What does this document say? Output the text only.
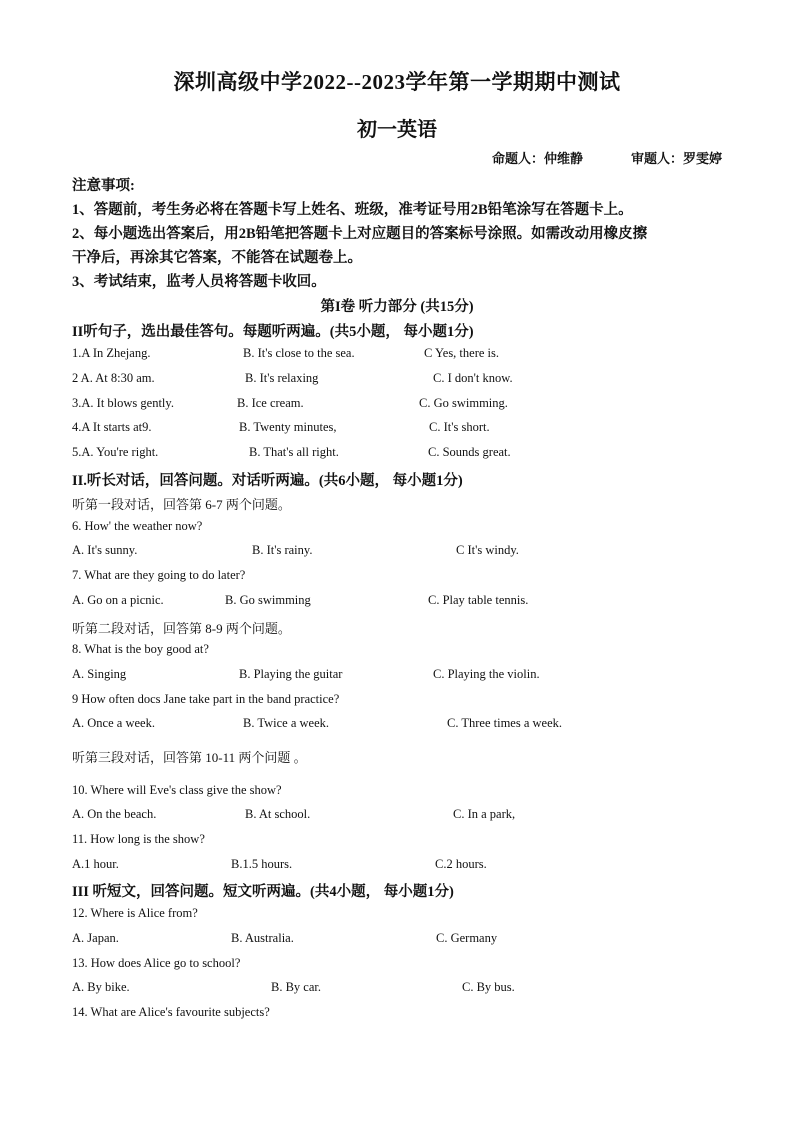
深圳高级中学2022--2023学年第一学期期中测试
初一英语
命题人：仲维静	审题人：罗雯婷
注意事项:
1、答题前，考生务必将在答题卡写上姓名、班级，准考证号用2B铅笔涂写在答题卡上。
2、每小题选出答案后，用2B铅笔把答题卡上对应题目的答案标号涂照。如需改动用橡皮擦
干净后，再涂其它答案，不能答在试题卷上。
3、考试结束，监考人员将答题卡收回。
第I卷 听力部分 (共15分)
II听句子，选出最佳答句。每题听两遍。(共5小题， 每小题1分)
1.A In Zhejang.	B. It's close to the sea.	C Yes, there is.
2 A. At 8:30 am.	B. It's relaxing	C. I don't know.
3.A. It blows gently.	B. Ice cream.	C. Go swimming.
4.A It starts at9.	B. Twenty minutes,	C. It's short.
5.A. You're right.	B. That's all right.	C. Sounds great.
II.听长对话，回答问题。对话听两遍。(共6小题， 每小题1分)
听第一段对话，回答第 6-7 两个问题。
6. How' the weather now?
A. It's sunny.	B. It's rainy.	C It's windy.
7. What are they going to do later?
A. Go on a picnic.	B. Go swimming	C. Play table tennis.
听第二段对话，回答第 8-9 两个问题。
8. What is the boy good at?
A. Singing	B. Playing the guitar	C. Playing the violin.
9 How often docs Jane take part in the band practice?
A. Once a week.	B. Twice a week.	C. Three times a week.
听第三段对话，回答第 10-11 两个问题 。
10. Where will Eve's class give the show?
A. On the beach.	B. At school.	C. In a park,
11. How long is the show?
A.1 hour.	B.1.5 hours.	C.2 hours.
III 听短文，回答问题。短文听两遍。(共4小题， 每小题1分)
12. Where is Alice from?
A. Japan.	B. Australia.	C. Germany
13. How does Alice go to school?
A. By bike.	B. By car.	C. By bus.
14. What are Alice's favourite subjects?
